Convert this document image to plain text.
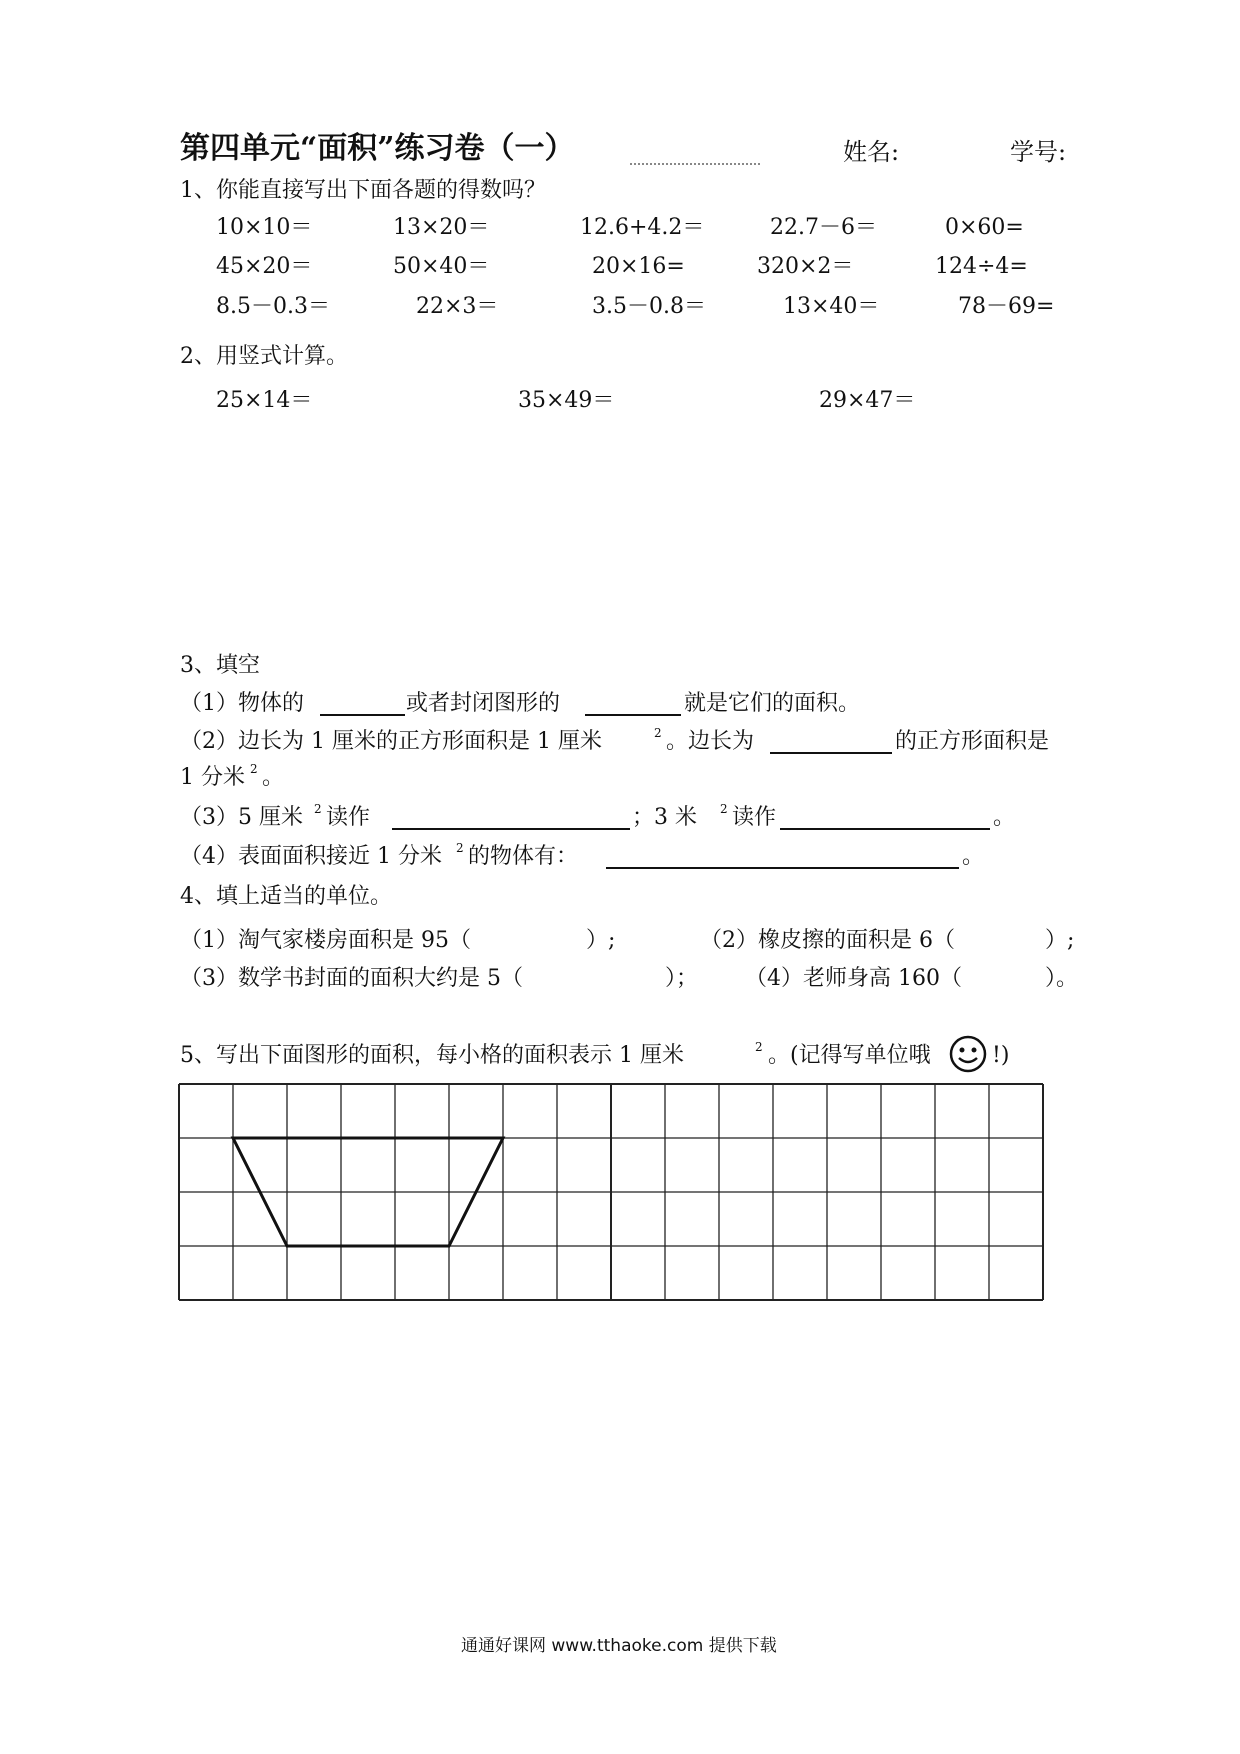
第四单元“面积”练习卷（一）	姓名:	学号:
1、你能直接写出下面各题的得数吗？
10×10＝	13×20＝	12.6+4.2＝	22.7－6＝	0×60=
45×20＝	50×40＝	20×16=	320×2＝	124÷4=
8.5－0.3＝	22×3＝	3.5－0.8＝	13×40＝	78－69=
2、用竖式计算。
25×14＝	35×49＝	29×47＝
3、填空
（1）物体的	或者封闭图形的	就是它们的面积。
（2）边长为 1 厘米的正方形面积是 1 厘米	$^2$ 。边长为	的正方形面积是
1 分米 $^2$ 。
（3）5 厘米 $^2$ 读作	；3 米 $^2$ 读作	。
（4）表面面积接近 1 分米 $^2$ 的物体有：	。
4、填上适当的单位。
（1）淘气家楼房面积是 95（	）;	（2）橡皮擦的面积是 6（	）;
（3）数学书封面的面积大约是 5（	）； （4）老师身高 160（	）。
5、写出下面图形的面积，每小格的面积表示 1 厘米	$^2$ 。(记得写单位哦	!)
通通好课网 www.tthaoke.com 提供下载
